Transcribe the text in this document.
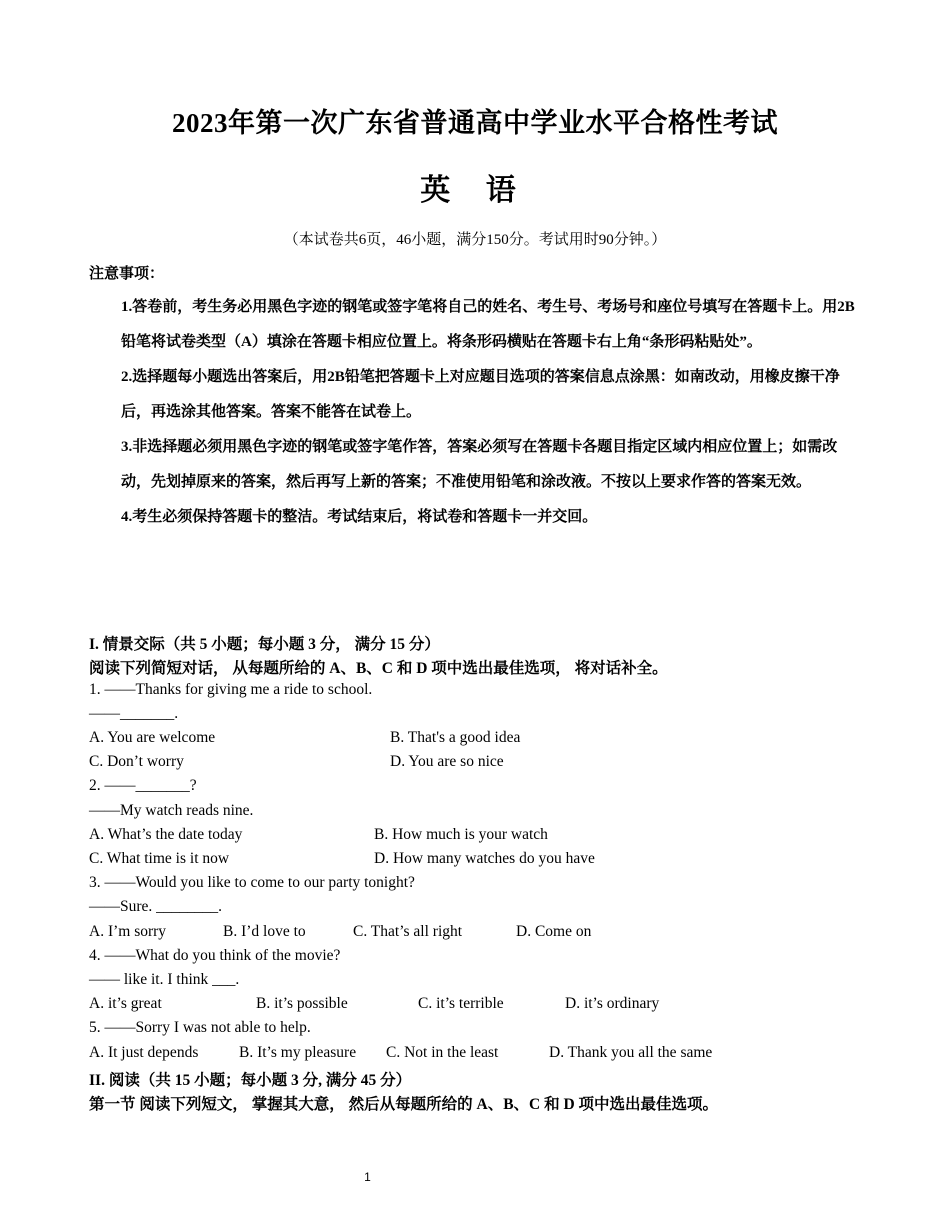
2023年第一次广东省普通高中学业水平合格性考试
英 语
（本试卷共6页，46小题，满分150分。考试用时90分钟。）
注意事项：

1.答卷前，考生务必用黑色字迹的钢笔或签字笔将自己的姓名、考生号、考场号和座位号填写在答题卡上。用2B铅笔将试卷类型（A）填涂在答题卡相应位置上。将条形码横贴在答题卡右上角“条形码粘贴处”。

2.选择题每小题选出答案后，用2B铅笔把答题卡上对应题目选项的答案信息点涂黑：如南改动，用橡皮擦干净后，再选涂其他答案。答案不能答在试卷上。

3.非选择题必须用黑色字迹的钢笔或签字笔作答，答案必须写在答题卡各题目指定区域内相应位置上；如需改动，先划掉原来的答案，然后再写上新的答案；不准使用铅笔和涂改液。不按以上要求作答的答案无效。

4.考生必须保持答题卡的整洁。考试结束后，将试卷和答题卡一并交回。

I. 情景交际（共 5 小题；每小题 3 分， 满分 15 分）
阅读下列简短对话， 从每题所给的 A、B、C 和 D 项中选出最佳选项， 将对话补全。
1. ——Thanks for giving me a ride to school.
——_______.
A. You are welcome	B. That's a good idea
C. Don’t worry	D. You are so nice
2. ——_______?
——My watch reads nine.
A. What’s the date today	B. How much is your watch
C. What time is it now	D. How many watches do you have
3. ——Would you like to come to our party tonight?
——Sure. ________.
A. I’m sorry	B. I’d love to	C. That’s all right	D. Come on
4. ——What do you think of the movie?
—— like it. I think ___.
A. it’s great	B. it’s possible	C. it’s terrible	D. it’s ordinary
5. ——Sorry I was not able to help.
A. It just depends	B. It’s my pleasure C. Not in the least	D. Thank you all the same
II. 阅读（共 15 小题；每小题 3 分, 满分 45 分）
第一节 阅读下列短文， 掌握其大意， 然后从每题所给的 A、B、C 和 D 项中选出最佳选项。
1
